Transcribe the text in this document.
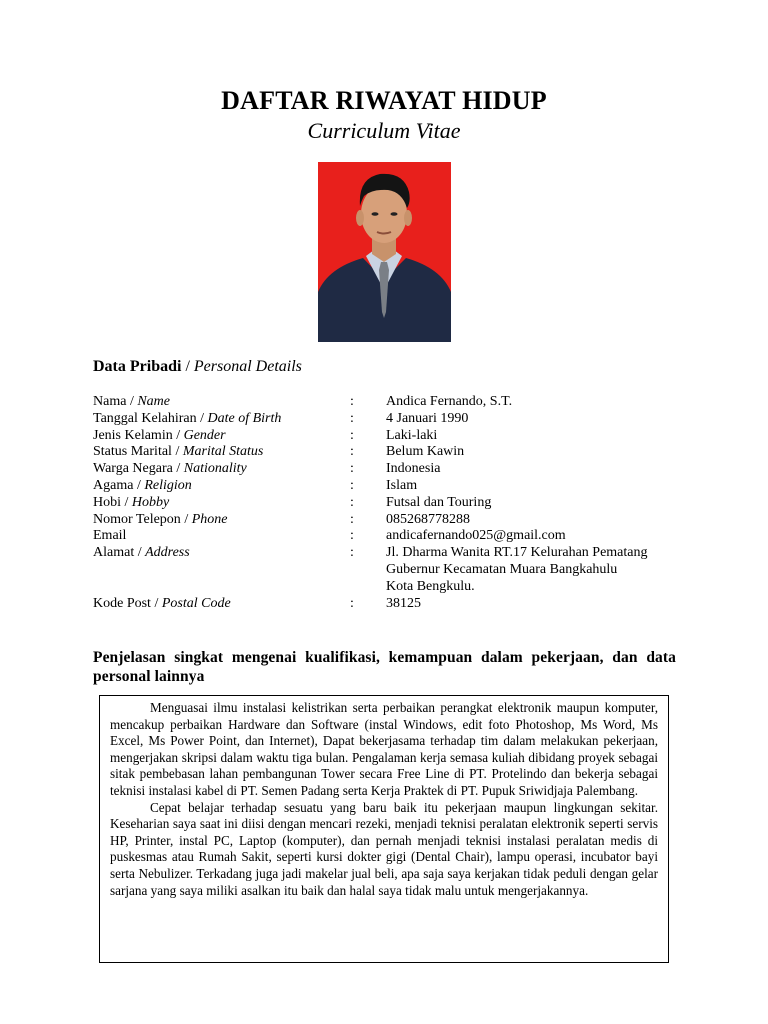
DAFTAR RIWAYAT HIDUP
Curriculum Vitae
Data Pribadi / Personal Details
Nama / Name	:	Andica Fernando, S.T.
Tanggal Kelahiran / Date of Birth	:	4 Januari 1990
Jenis Kelamin / Gender	:	Laki-laki
Status Marital / Marital Status	:	Belum Kawin
Warga Negara / Nationality	:	Indonesia
Agama / Religion	:	Islam
Hobi / Hobby	:	Futsal dan Touring
Nomor Telepon / Phone	:	085268778288
Email	:	andicafernando025@gmail.com
Alamat / Address	:	Jl. Dharma Wanita RT.17 Kelurahan Pematang
Gubernur Kecamatan Muara Bangkahulu
Kota Bengkulu.
Kode Post / Postal Code	:	38125
Penjelasan singkat mengenai kualifikasi, kemampuan dalam pekerjaan, dan data personal lainnya

Menguasai ilmu instalasi kelistrikan serta perbaikan perangkat elektronik maupun komputer, mencakup perbaikan Hardware dan Software (instal Windows, edit foto Photoshop, Ms Word, Ms Excel, Ms Power Point, dan Internet), Dapat bekerjasama terhadap tim dalam melakukan pekerjaan, mengerjakan skripsi dalam waktu tiga bulan. Pengalaman kerja semasa kuliah dibidang proyek sebagai sitak pembebasan lahan pembangunan Tower secara Free Line di PT. Protelindo dan bekerja sebagai teknisi instalasi kabel di PT. Semen Padang serta Kerja Praktek di PT. Pupuk Sriwidjaja Palembang.

Cepat belajar terhadap sesuatu yang baru baik itu pekerjaan maupun lingkungan sekitar. Keseharian saya saat ini diisi dengan mencari rezeki, menjadi teknisi peralatan elektronik seperti servis HP, Printer, instal PC, Laptop (komputer), dan pernah menjadi teknisi instalasi peralatan medis di puskesmas atau Rumah Sakit, seperti kursi dokter gigi (Dental Chair), lampu operasi, incubator bayi serta Nebulizer. Terkadang juga jadi makelar jual beli, apa saja saya kerjakan tidak peduli dengan gelar sarjana yang saya miliki asalkan itu baik dan halal saya tidak malu untuk mengerjakannya.
